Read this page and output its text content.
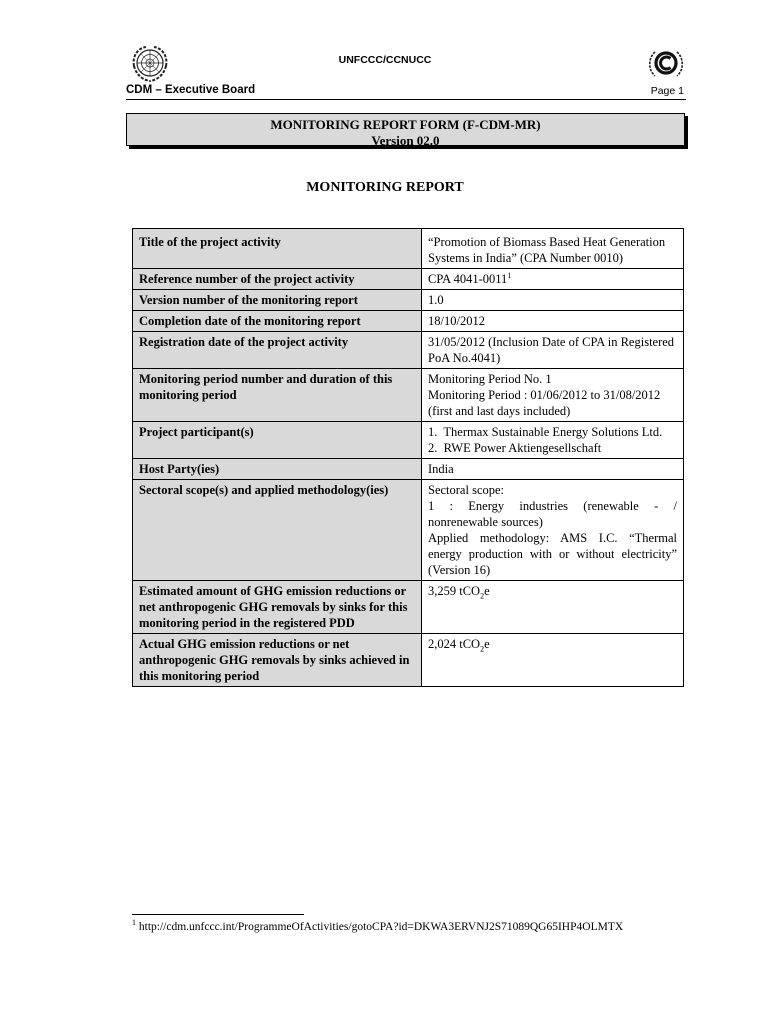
UNFCCC/CCNUCC
CDM – Executive Board	Page 1
MONITORING REPORT FORM (F-CDM-MR)
Version 02.0
MONITORING REPORT
Title of the project activity	“Promotion of Biomass Based Heat Generation Systems in India” (CPA Number 0010)
Reference number of the project activity	CPA 4041-0011$^1$
Version number of the monitoring report	1.0
Completion date of the monitoring report	18/10/2012
Registration date of the project activity	31/05/2012 (Inclusion Date of CPA in Registered PoA No.4041)
Monitoring period number and duration of this monitoring period	Monitoring Period No. 1
Monitoring Period : 01/06/2012 to 31/08/2012
(first and last days included)

Project participant(s)	1.  Thermax Sustainable Energy Solutions Ltd.
2.  RWE Power Aktiengesellschaft

Host Party(ies)	India
Sectoral scope(s) and applied methodology(ies)	Sectoral scope:
1 : Energy industries (renewable - / nonrenewable sources)
Applied methodology: AMS I.C. “Thermal energy production with or without electricity” (Version 16)

Estimated amount of GHG emission reductions or net anthropogenic GHG removals by sinks for this monitoring period in the registered PDD	3,259 tCO$_2$e
Actual GHG emission reductions or net anthropogenic GHG removals by sinks achieved in this monitoring period	2,024 tCO$_2$e
$^1$ http://cdm.unfccc.int/ProgrammeOfActivities/gotoCPA?id=DKWA3ERVNJ2S71089QG65IHP4OLMTX
